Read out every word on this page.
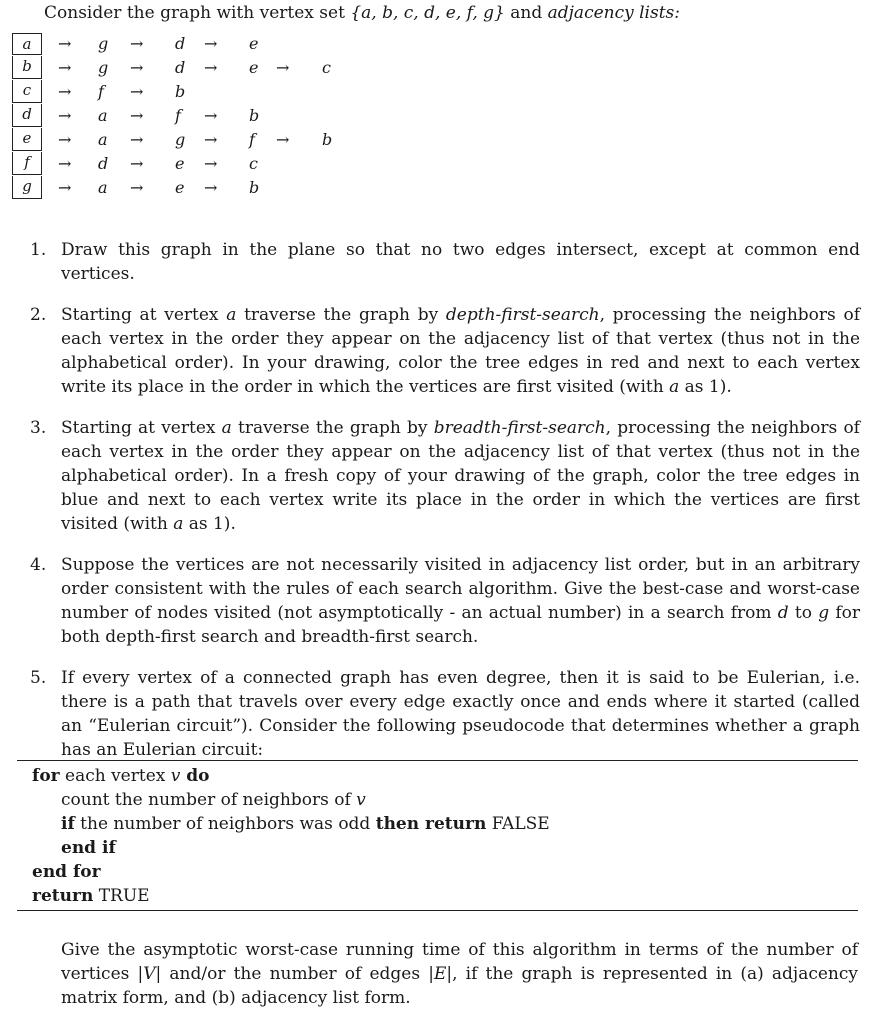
Consider the graph with vertex set {a, b, c, d, e, f, g} and adjacency lists:
a	→ g → d → e
b	→ g → d → e → c
c	→ f → b
d	→ a → f → b
e	→ a → g → f → b
f	→ d → e → c
g	→ a → e → b
1. Draw this graph in the plane so that no two edges intersect, except at common end vertices.
2. Starting at vertex a traverse the graph by depth-first-search, processing the neighbors of each vertex in the order they appear on the adjacency list of that vertex (thus not in the alphabetical order). In your drawing, color the tree edges in red and next to each vertex write its place in the order in which the vertices are first visited (with a as 1).
3. Starting at vertex a traverse the graph by breadth-first-search, processing the neighbors of each vertex in the order they appear on the adjacency list of that vertex (thus not in the alphabetical order). In a fresh copy of your drawing of the graph, color the tree edges in blue and next to each vertex write its place in the order in which the vertices are first visited (with a as 1).
4. Suppose the vertices are not necessarily visited in adjacency list order, but in an arbitrary order consistent with the rules of each search algorithm. Give the best-case and worst-case number of nodes visited (not asymptotically - an actual number) in a search from d to g for both depth-first search and breadth-first search.
5. If every vertex of a connected graph has even degree, then it is said to be Eulerian, i.e. there is a path that travels over every edge exactly once and ends where it started (called an “Eulerian circuit”). Consider the following pseudocode that determines whether a graph has an Eulerian circuit:
for each vertex v do
count the number of neighbors of v
if the number of neighbors was odd then return FALSE
end if
end for
return TRUE
Give the asymptotic worst-case running time of this algorithm in terms of the number of vertices |V| and/or the number of edges |E|, if the graph is represented in (a) adjacency matrix form, and (b) adjacency list form.
